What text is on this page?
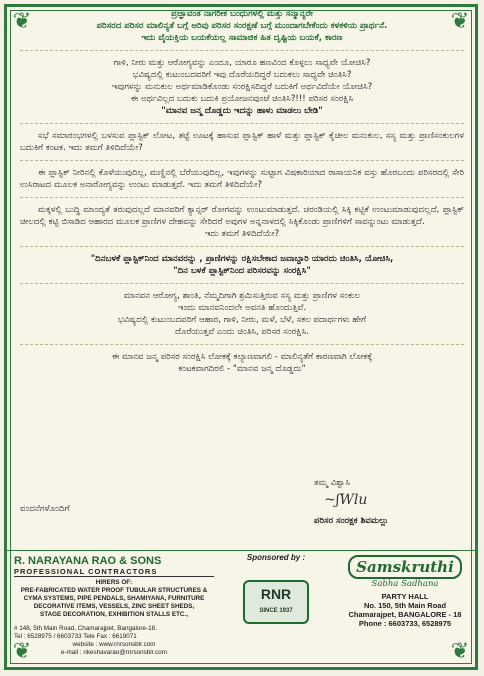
❦	❦
❦	❦
ಪ್ರಜ್ಞಾವಂತ ನಾಗರೀಕ ಬಂಧುಗಳಲ್ಲಿ ಮತ್ತು ಸನ್ಮಾನ್ಯರೇ
ಪರಿಸರದ ಪರಿಸರ ಮಾಲಿನ್ಯತೆ ಬಗ್ಗೆ ಅರಿವು ಪರಿಸರ ಸಂರಕ್ಷಣೆ ಬಗ್ಗೆ ಮುಂದಾಗಬೇಕೆಂದು ಕಳಕಳಿಯ ಪ್ರಾರ್ಥನೆ.
ಇದು ವೈಯಕ್ತಿಯ ಬಯಕೆಯಲ್ಲ ಸಾಮಾಜಿಕ ಹಿತ ದೃಷ್ಟಿಯ ಬಯಕೆ, ಕಾರಣ
ಗಾಳಿ, ನೀರು ಮತ್ತು ಆರೋಗ್ಯವನ್ನು ಎಂದೂ, ಯಾರೂ ಹಣವಿಂದ ಕೊಳ್ಳಲು ಸಾಧ್ಯವೇ ಯೋಚಿಸಿ?
ಭವಿಷ್ಯದಲ್ಲಿ ಕುಟುಂಬದವರಿಗೆ ಇವು ದೊರೆಯದಿದ್ದರೆ ಬದುಕಲು ಸಾಧ್ಯವೇ ಚಿಂತಿಸಿ?
ಇವುಗಳನ್ನು ಮನುಕುಲ ಅರ್ಥಮಾಡಿಕೊಂಡು ಸಂರಕ್ಷಿಸದಿದ್ದರೆ ಬದುಕಿಗೆ ಅರ್ಥವಿದೆಯೇ ಯೋಚಿಸಿ?
ಈ ಅರ್ಥವಿಲ್ಲದ ಬದುಕು ಬದುಕಿ ಪ್ರಯೋಜನವುಂಟೆ ಚಿಂತಿಸಿ?!!! ಪರಿಸರ ಸಂರಕ್ಷಿಸಿ
"ಮಾನವ ಜನ್ಮ ದೊಡ್ಡದು ಇದನ್ನು ಹಾಳು ಮಾಡಲು ಬೇಡಿ"
ಸಭೆ ಸಮಾರಂಭಗಳಲ್ಲಿ ಬಳಸುವ ಪ್ಲಾಸ್ಟಿಕ್ ಲೋಟ, ತಟ್ಟೆ ಊಟಕ್ಕೆ ಹಾಸುವ ಪ್ಲಾಸ್ಟಿಕ್ ಹಾಳೆ ಮತ್ತು ಪ್ಲಾಸ್ಟಿಕ್ ಕೈಚೀಲ ಮನುಕುಲ, ಸಸ್ಯ ಮತ್ತು ಪ್ರಾಣಿಸಂಕುಲಗಳ ಬದುಕಿಗೆ ಕಂಟಕ. ಇದು ತಮಗೆ ತಿಳಿದಿದೆಯೇ?
ಈ ಪ್ಲಾಸ್ಟಿಕ್ ನೀರಿನಲ್ಲಿ ಕೊಳೆಯುವುದಿಲ್ಲ, ಮಣ್ಣಿನಲ್ಲಿ ಬೆರೆಯುವುದಿಲ್ಲ, ಇವುಗಳನ್ನು ಸುಟ್ಟಾಗ ವಿಷಕಾರಿಯಾದ ರಾಸಾಯನಿಕ ವಸ್ತು ಹೊರಬಂದು ಪರಿಸರದಲ್ಲಿ ಸೇರಿ ಉಸಿರಾಟದ ಮೂಲಕ ಅನಾರೋಗ್ಯವನ್ನು ಉಂಟು ಮಾಡುತ್ತದೆ. ಇದು ತಮಗೆ ತಿಳಿದಿದೆಯೇ?
ಮಕ್ಕಳಲ್ಲಿ ಬುದ್ಧಿ ಮಾಂದ್ಯತೆ ತರುವುದಲ್ಲದೆ ಮಾನವರಿಗೆ ಕ್ಯಾನ್ಸರ್ ರೋಗವನ್ನು ಉಂಟುಮಾಡುತ್ತದೆ. ಚರಂಡಿಯಲ್ಲಿ ಸಿಕ್ಕಿ ಕಟ್ಟಿಕೆ ಉಂಟುಮಾಡುವುದಲ್ಲದೆ, ಪ್ಲಾಸ್ಟಿಕ್ ಚೀಲದಲ್ಲಿ ಕಟ್ಟಿ ಬಿಸಾಡಿದ ಆಹಾರದ ಮೂಲಕ ಪ್ರಾಣಿಗಳ ದೇಹವನ್ನು ಸೇರಿದರೆ ಅವುಗಳ ಅನ್ನನಾಳದಲ್ಲಿ ಸಿಕ್ಕಿಕೊಂಡು ಪ್ರಾಣಿಗಳಿಗೆ ಸಾವನ್ನುಂಟು ಮಾಡುತ್ತದೆ.
ಇದು ತಮಗೆ ತಿಳಿದಿದೆಯೇ?
"ದಿನಬಳಕೆ ಪ್ಲಾಸ್ಟಿಕ್‌ನಿಂದ ಮಾನವರನ್ನು , ಪ್ರಾಣಿಗಳನ್ನು ರಕ್ಷಿಸಬೇಕಾದ ಜವಾಬ್ದಾರಿ ಯಾರದು ಚಿಂತಿಸಿ, ಯೋಚಿಸಿ,
"ದಿನ ಬಳಕೆ ಪ್ಲಾಸ್ಟಿಕ್‌ನಿಂದ ಪರಿಸರವನ್ನು ಸಂರಕ್ಷಿಸಿ"
ಮಾನವನ ಆರೋಗ್ಯ, ಶಾಂತಿ, ನೆಮ್ಮದಿಗಾಗಿ ಶ್ರಮಿಸುತ್ತಿರುವ ಸಸ್ಯ ಮತ್ತು ಪ್ರಾಣಿಗಳ ಸಂಕುಲ
ಇಂದು ಮಾನವನಿಂದಲೇ ಅವನತಿ ಹೊಂದುತ್ತಿವೆ.
ಭವಿಷ್ಯದಲ್ಲಿ ಕುಟುಂಬದವರಿಗೆ ಆಹಾರ, ಗಾಳಿ, ನೀರು, ಮಳೆ, ಬೆಳೆ, ಸಕಲ ಪದಾರ್ಥಗಳು ಹೇಗೆ
ದೊರೆಯುತ್ತವೆ ಎಂದು ಚಿಂತಿಸಿ, ಪರಿಸರ ಸಂರಕ್ಷಿಸಿ.
ಈ ಮಾನವ ಜನ್ಮ ಪರಿಸರ ಸಂರಕ್ಷಿಸಿ ಲೋಕಕ್ಕೆ ಕಲ್ಯಾಣವಾಗಲಿ - ಮಾಲಿನ್ಯತೆಗೆ ಕಾರಣವಾಗಿ ಲೋಕಕ್ಕೆ
ಕಂಟಕವಾಗದಿರಲಿ - "ಮಾನವ ಜನ್ಮ ದೊಡ್ಡದು"
ವಂದನೆಗಳೊಂದಿಗೆ
ತಮ್ಮ ವಿಶ್ವಾಸಿ
~ʃWlu
ಪರಿಸರ ಸಂರಕ್ಷಕ ಶಿವಮಲ್ಲು
R. NARAYANA RAO & SONS
PROFESSIONAL CONTRACTORS
HIRERS OF:
PRE-FABRICATED WATER PROOF TUBULAR STRUCTURES &
CYMA SYSTEMS, PIPE PENDALS, SHAMIYANA, FURNITURE
DECORATIVE ITEMS, VESSELS, ZINC SHEET SHEDS,
STAGE DECORATION, EXHIBITION STALLS ETC.,
# 148, 5th Main Road, Chamarajpet, Bangalore-18.
Tel : 6528975 / 6603733 Tele Fax : 6619071
website : www.rnrsonsblr.com
e-mail : nkeshavarao@rnrsonsblr.com
Sponsored by :
RNR
SINCE 1937
Samskruthi
Sabha Sadhana
PARTY HALL
No. 150, 5th Main Road
Chamarajpet, BANGALORE - 18
Phone : 6603733, 6528975
